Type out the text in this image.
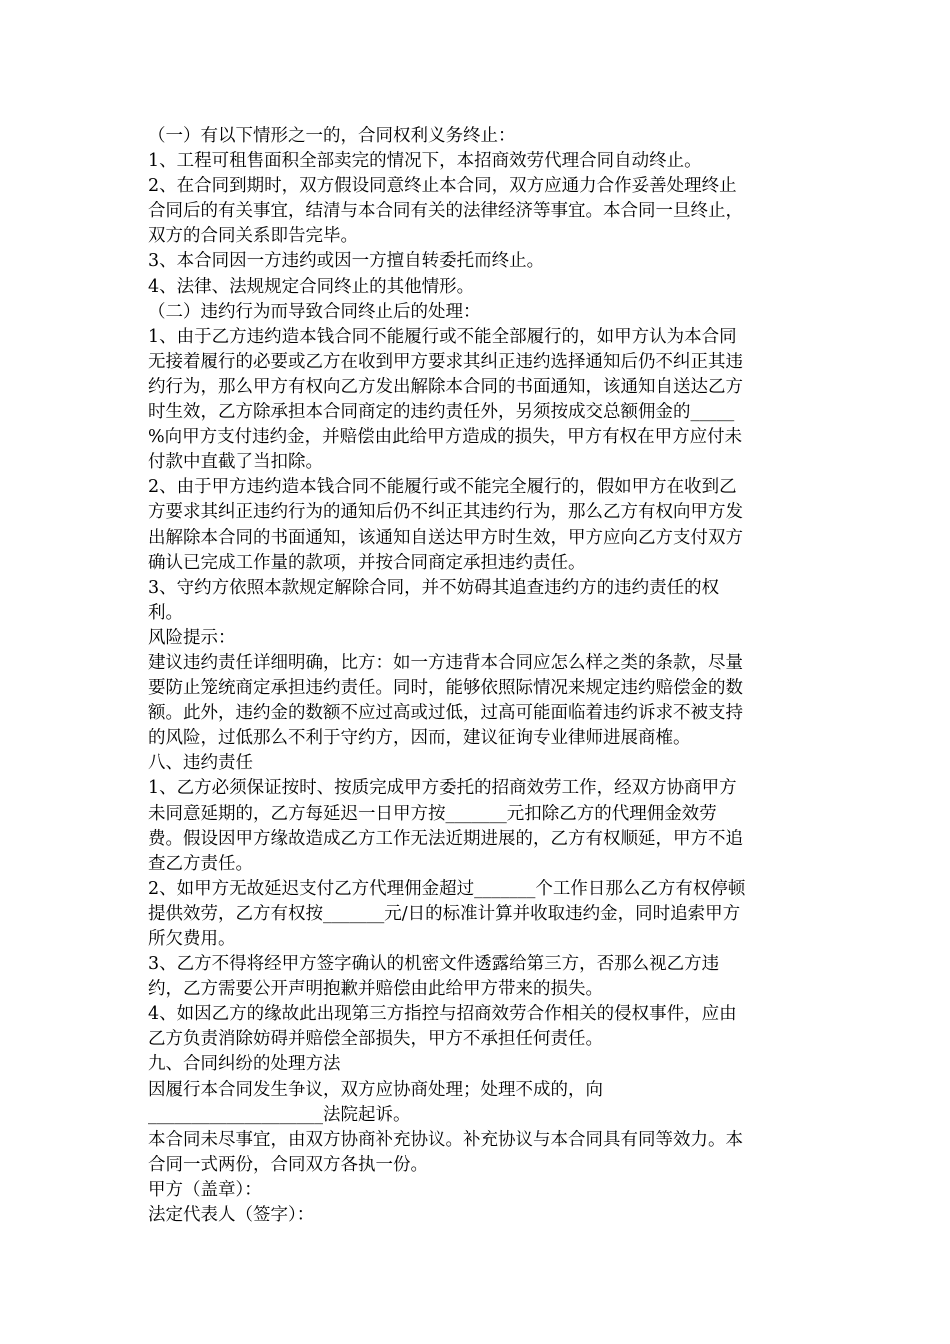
（一）有以下情形之一的，合同权利义务终止：

1、工程可租售面积全部卖完的情况下，本招商效劳代理合同自动终止。

2、在合同到期时，双方假设同意终止本合同，双方应通力合作妥善处理终止

合同后的有关事宜，结清与本合同有关的法律经济等事宜。本合同一旦终止，

双方的合同关系即告完毕。

3、本合同因一方违约或因一方擅自转委托而终止。

4、法律、法规规定合同终止的其他情形。

（二）违约行为而导致合同终止后的处理：

1、由于乙方违约造本钱合同不能履行或不能全部履行的，如甲方认为本合同

无接着履行的必要或乙方在收到甲方要求其纠正违约选择通知后仍不纠正其违

约行为，那么甲方有权向乙方发出解除本合同的书面通知，该通知自送达乙方

时生效，乙方除承担本合同商定的违约责任外，另须按成交总额佣金的_____

%向甲方支付违约金，并赔偿由此给甲方造成的损失，甲方有权在甲方应付未

付款中直截了当扣除。

2、由于甲方违约造本钱合同不能履行或不能完全履行的，假如甲方在收到乙

方要求其纠正违约行为的通知后仍不纠正其违约行为，那么乙方有权向甲方发

出解除本合同的书面通知，该通知自送达甲方时生效，甲方应向乙方支付双方

确认已完成工作量的款项，并按合同商定承担违约责任。

3、守约方依照本款规定解除合同，并不妨碍其追查违约方的违约责任的权

利。

风险提示：

建议违约责任详细明确，比方：如一方违背本合同应怎么样之类的条款，尽量

要防止笼统商定承担违约责任。同时，能够依照际情况来规定违约赔偿金的数

额。此外，违约金的数额不应过高或过低，过高可能面临着违约诉求不被支持

的风险，过低那么不利于守约方，因而，建议征询专业律师进展商榷。

八、违约责任

1、乙方必须保证按时、按质完成甲方委托的招商效劳工作，经双方协商甲方

未同意延期的，乙方每延迟一日甲方按_______元扣除乙方的代理佣金效劳

费。假设因甲方缘故造成乙方工作无法近期进展的，乙方有权顺延，甲方不追

查乙方责任。

2、如甲方无故延迟支付乙方代理佣金超过_______个工作日那么乙方有权停顿

提供效劳，乙方有权按_______元/日的标准计算并收取违约金，同时追索甲方

所欠费用。

3、乙方不得将经甲方签字确认的机密文件透露给第三方，否那么视乙方违

约，乙方需要公开声明抱歉并赔偿由此给甲方带来的损失。

4、如因乙方的缘故此出现第三方指控与招商效劳合作相关的侵权事件，应由

乙方负责消除妨碍并赔偿全部损失，甲方不承担任何责任。

九、合同纠纷的处理方法

因履行本合同发生争议，双方应协商处理；处理不成的，向

____________________法院起诉。

本合同未尽事宜，由双方协商补充协议。补充协议与本合同具有同等效力。本

合同一式两份，合同双方各执一份。

甲方（盖章）：

法定代表人（签字）：
